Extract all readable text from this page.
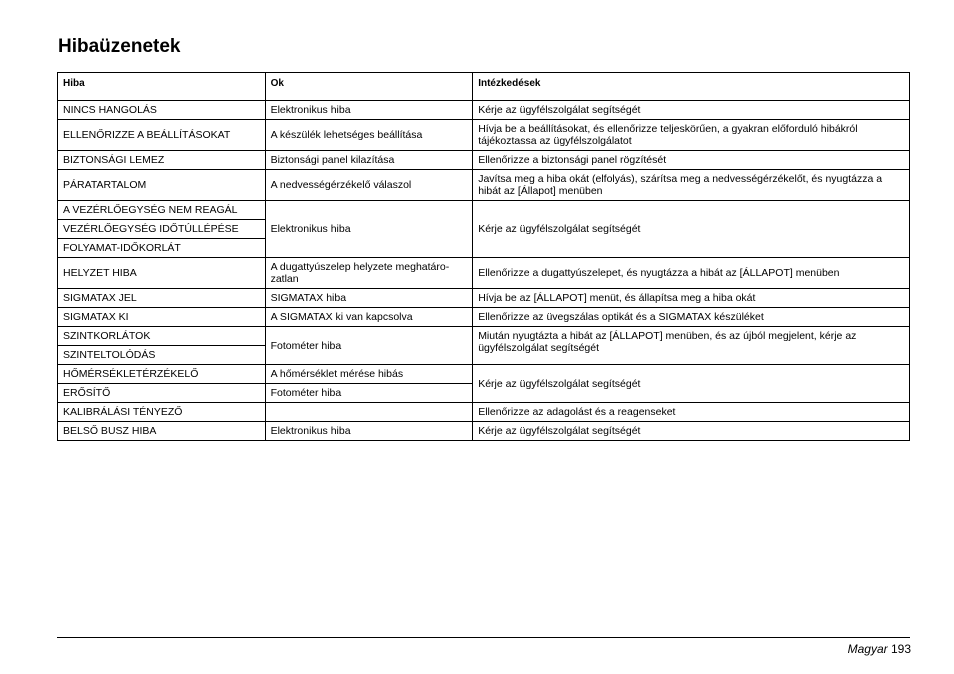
Hibaüzenetek
Hiba	Ok	Intézkedések
NINCS HANGOLÁS	Elektronikus hiba	Kérje az ügyfélszolgálat segítségét
ELLENŐRIZZE A BEÁLLÍTÁSOKAT	A készülék lehetséges beállítása	Hívja be a beállításokat, és ellenőrizze teljeskörűen, a gyakran előforduló hibákról tájékoztassa az ügyfélszolgálatot
BIZTONSÁGI LEMEZ	Biztonsági panel kilazítása	Ellenőrizze a biztonsági panel rögzítését
PÁRATARTALOM	A nedvességérzékelő válaszol	Javítsa meg a hiba okát (elfolyás), szárítsa meg a nedvességérzékelőt, és nyugtázza a hibát az [Állapot] menüben
A VEZÉRLŐEGYSÉG NEM REAGÁL	Elektronikus hiba	Kérje az ügyfélszolgálat segítségét
VEZÉRLŐEGYSÉG IDŐTÚLLÉPÉSE		
FOLYAMAT-IDŐKORLÁT		
HELYZET HIBA	A dugattyúszelep helyzete meghatáro-zatlan	Ellenőrizze a dugattyúszelepet, és nyugtázza a hibát az [ÁLLAPOT] menüben
SIGMATAX JEL	SIGMATAX hiba	Hívja be az [ÁLLAPOT] menüt, és állapítsa meg a hiba okát
SIGMATAX KI	A SIGMATAX ki van kapcsolva	Ellenőrizze az üvegszálas optikát és a SIGMATAX készüléket
SZINTKORLÁTOK	Fotométer hiba	Miután nyugtázta a hibát az [ÁLLAPOT] menüben, és az újból megjelent, kérje az ügyfélszolgálat segítségét
SZINTELTOLÓDÁS		
HŐMÉRSÉKLETÉRZÉKELŐ	A hőmérséklet mérése hibás	Kérje az ügyfélszolgálat segítségét
ERŐSÍTŐ	Fotométer hiba	
KALIBRÁLÁSI TÉNYEZŐ		Ellenőrizze az adagolást és a reagenseket
BELSŐ BUSZ HIBA	Elektronikus hiba	Kérje az ügyfélszolgálat segítségét
Magyar 193
